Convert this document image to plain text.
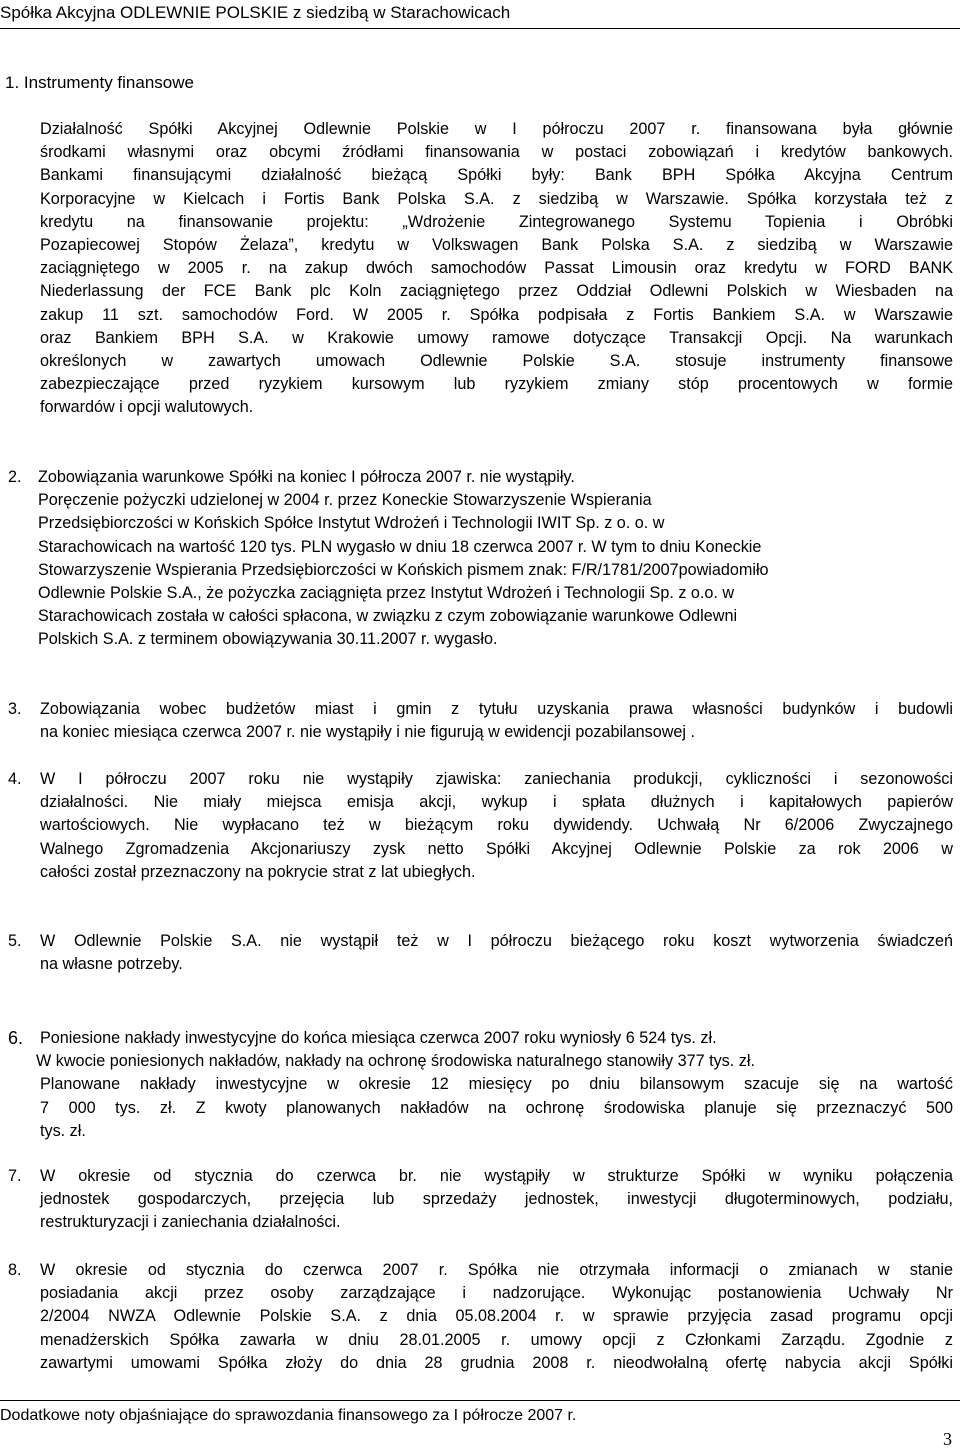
Spółka Akcyjna ODLEWNIE POLSKIE z siedzibą w Starachowicach
1. Instrumenty finansowe
Działalność Spółki Akcyjnej Odlewnie Polskie w I półroczu 2007 r. finansowana była głównie
środkami własnymi oraz obcymi źródłami finansowania w postaci zobowiązań i kredytów bankowych.
Bankami finansującymi działalność bieżącą Spółki były: Bank BPH Spółka Akcyjna Centrum
Korporacyjne w Kielcach i Fortis Bank Polska S.A. z siedzibą w Warszawie. Spółka korzystała też z
kredytu na finansowanie projektu: „Wdrożenie Zintegrowanego Systemu Topienia i Obróbki
Pozapiecowej Stopów Żelaza”, kredytu w Volkswagen Bank Polska S.A. z siedzibą w Warszawie
zaciągniętego w 2005 r. na zakup dwóch samochodów Passat Limousin oraz kredytu w FORD BANK
Niederlassung der FCE Bank plc Koln zaciągniętego przez Oddział Odlewni Polskich w Wiesbaden na
zakup 11 szt. samochodów Ford. W 2005 r. Spółka podpisała z Fortis Bankiem S.A. w Warszawie
oraz Bankiem BPH S.A. w Krakowie umowy ramowe dotyczące Transakcji Opcji. Na warunkach
określonych w zawartych umowach Odlewnie Polskie S.A. stosuje instrumenty finansowe
zabezpieczające przed ryzykiem kursowym lub ryzykiem zmiany stóp procentowych w formie
forwardów i opcji walutowych.
2. Zobowiązania warunkowe Spółki na koniec I półrocza 2007 r. nie wystąpiły.
Poręczenie pożyczki udzielonej w 2004 r. przez Koneckie Stowarzyszenie Wspierania
Przedsiębiorczości w Końskich Spółce Instytut Wdrożeń i Technologii IWIT Sp. z o. o. w
Starachowicach na wartość 120 tys. PLN wygasło w dniu 18 czerwca 2007 r. W tym to dniu Koneckie
Stowarzyszenie Wspierania Przedsiębiorczości w Końskich pismem znak: F/R/1781/2007powiadomiło
Odlewnie Polskie S.A., że pożyczka zaciągnięta przez Instytut Wdrożeń i Technologii Sp. z o.o. w
Starachowicach została w całości spłacona, w związku z czym zobowiązanie warunkowe Odlewni
Polskich S.A. z terminem obowiązywania 30.11.2007 r. wygasło.
3. Zobowiązania wobec budżetów miast i gmin z tytułu uzyskania prawa własności budynków i budowli
na koniec miesiąca czerwca 2007 r. nie wystąpiły i nie figurują w ewidencji pozabilansowej .
4. W I półroczu 2007 roku nie wystąpiły zjawiska: zaniechania produkcji, cykliczności i sezonowości
działalności. Nie miały miejsca emisja akcji, wykup i spłata dłużnych i kapitałowych papierów
wartościowych. Nie wypłacano też w bieżącym roku dywidendy. Uchwałą Nr 6/2006 Zwyczajnego
Walnego Zgromadzenia Akcjonariuszy zysk netto Spółki Akcyjnej Odlewnie Polskie za rok 2006 w
całości został przeznaczony na pokrycie strat z lat ubiegłych.
5. W Odlewnie Polskie S.A. nie wystąpił też w I półroczu bieżącego roku koszt wytworzenia świadczeń
na własne potrzeby.
6. Poniesione nakłady inwestycyjne do końca miesiąca czerwca 2007 roku wyniosły 6 524 tys. zł.
W kwocie poniesionych nakładów, nakłady na ochronę środowiska naturalnego stanowiły 377 tys. zł.
Planowane nakłady inwestycyjne w okresie 12 miesięcy po dniu bilansowym szacuje się na wartość
7 000 tys. zł. Z kwoty planowanych nakładów na ochronę środowiska planuje się przeznaczyć 500
tys. zł.
7. W okresie od stycznia do czerwca br. nie wystąpiły w strukturze Spółki w wyniku połączenia
jednostek gospodarczych, przejęcia lub sprzedaży jednostek, inwestycji długoterminowych, podziału,
restrukturyzacji i zaniechania działalności.
8. W okresie od stycznia do czerwca 2007 r. Spółka nie otrzymała informacji o zmianach w stanie
posiadania akcji przez osoby zarządzające i nadzorujące. Wykonując postanowienia Uchwały Nr
2/2004 NWZA Odlewnie Polskie S.A. z dnia 05.08.2004 r. w sprawie przyjęcia zasad programu opcji
menadżerskich Spółka zawarła w dniu 28.01.2005 r. umowy opcji z Członkami Zarządu. Zgodnie z
zawartymi umowami Spółka złoży do dnia 28 grudnia 2008 r. nieodwołalną ofertę nabycia akcji Spółki
Dodatkowe noty objaśniające do sprawozdania finansowego za I półrocze 2007 r.
3
